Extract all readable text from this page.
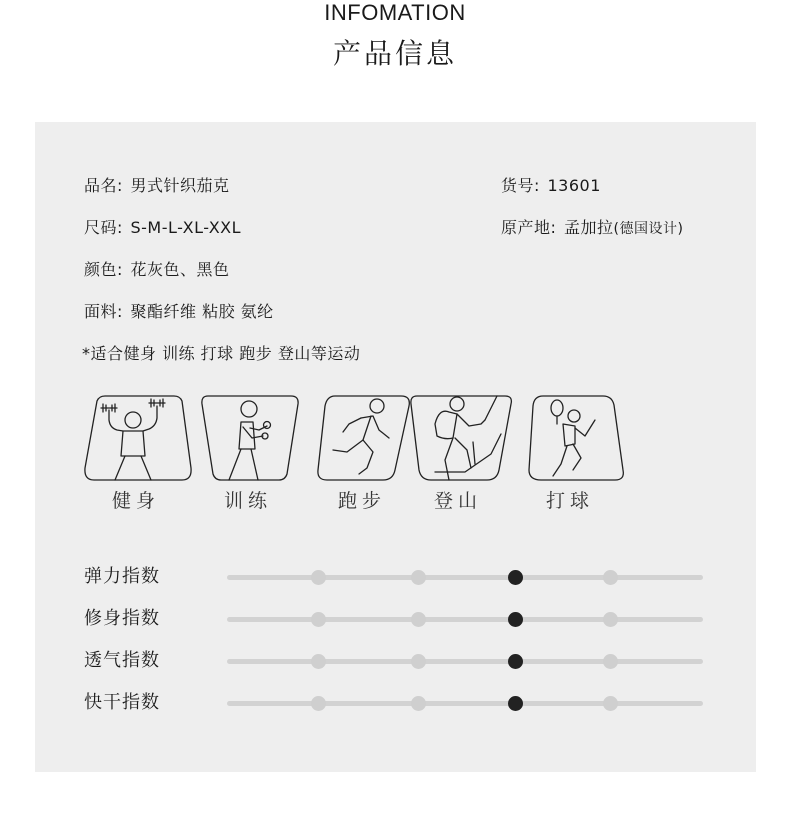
INFOMATION
产品信息
品名: 男式针织茄克	货号: 13601
尺码: S-M-L-XL-XXL	原产地: 孟加拉(德国设计)
颜色: 花灰色、黑色
面料: 聚酯纤维 粘胶 氨纶
*适合健身 训练 打球 跑步 登山等运动
健身	训练	跑步	登山	打球
弹力指数
修身指数
透气指数
快干指数
